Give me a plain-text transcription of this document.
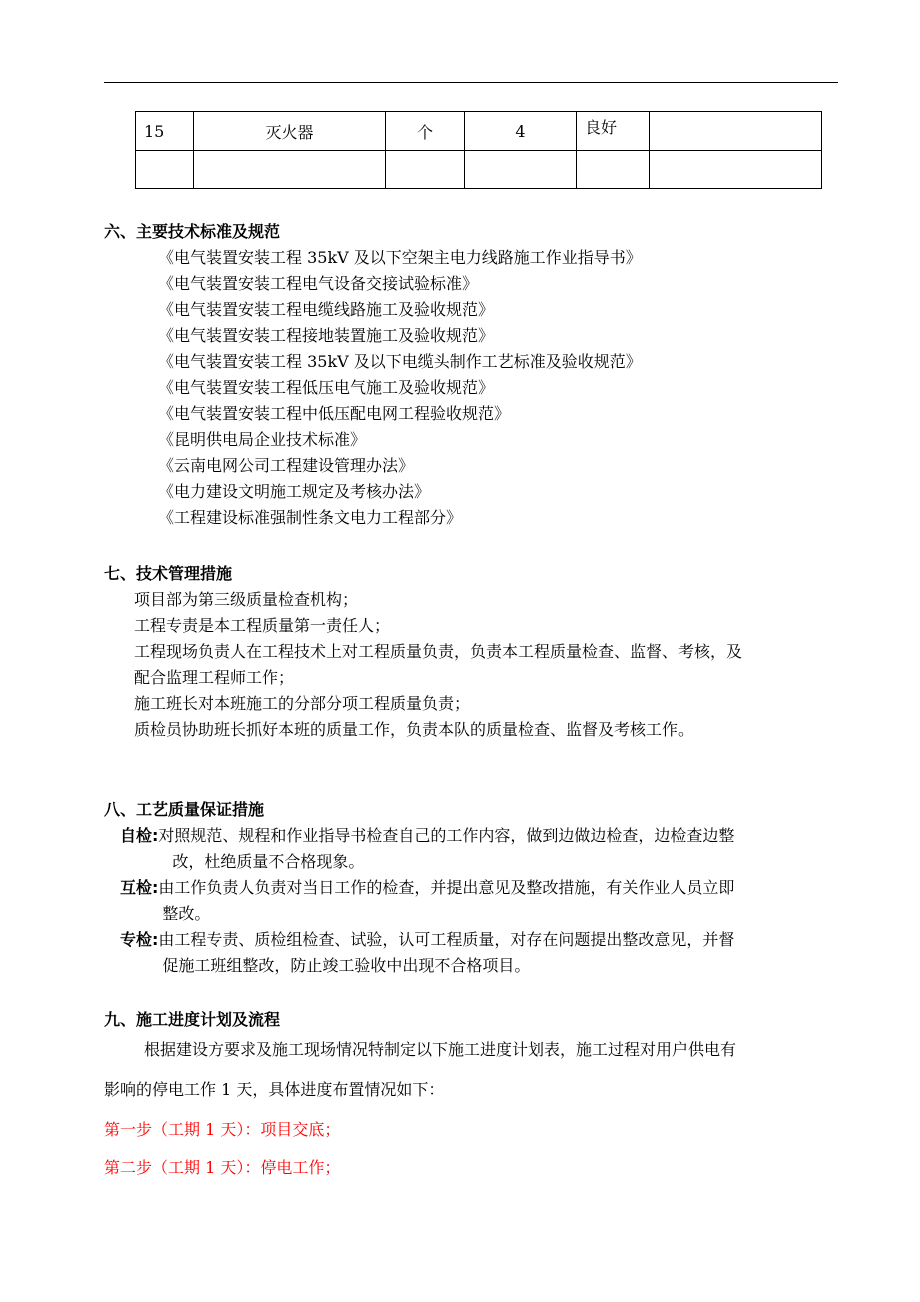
15	灭火器	个	4	良好	

六、主要技术标准及规范
《电气装置安装工程 35kV 及以下空架主电力线路施工作业指导书》
《电气装置安装工程电气设备交接试验标准》
《电气装置安装工程电缆线路施工及验收规范》
《电气装置安装工程接地装置施工及验收规范》
《电气装置安装工程 35kV 及以下电缆头制作工艺标准及验收规范》
《电气装置安装工程低压电气施工及验收规范》
《电气装置安装工程中低压配电网工程验收规范》
《昆明供电局企业技术标准》
《云南电网公司工程建设管理办法》
《电力建设文明施工规定及考核办法》
《工程建设标准强制性条文电力工程部分》
七、技术管理措施
项目部为第三级质量检查机构；
工程专责是本工程质量第一责任人；
工程现场负责人在工程技术上对工程质量负责，负责本工程质量检查、监督、考核，及
配合监理工程师工作；
施工班长对本班施工的分部分项工程质量负责；
质检员协助班长抓好本班的质量工作，负责本队的质量检查、监督及考核工作。
八、工艺质量保证措施
自检: 对照规范、规程和作业指导书检查自己的工作内容，做到边做边检查，边检查边整
改，杜绝质量不合格现象。
互检: 由工作负责人负责对当日工作的检查，并提出意见及整改措施，有关作业人员立即
整改。
专检: 由工程专责、质检组检查、试验，认可工程质量，对存在问题提出整改意见，并督
促施工班组整改，防止竣工验收中出现不合格项目。
九、施工进度计划及流程
根据建设方要求及施工现场情况特制定以下施工进度计划表，施工过程对用户供电有
影响的停电工作 1 天，具体进度布置情况如下：
第一步（工期 1 天）：项目交底；
第二步（工期 1 天）：停电工作；
